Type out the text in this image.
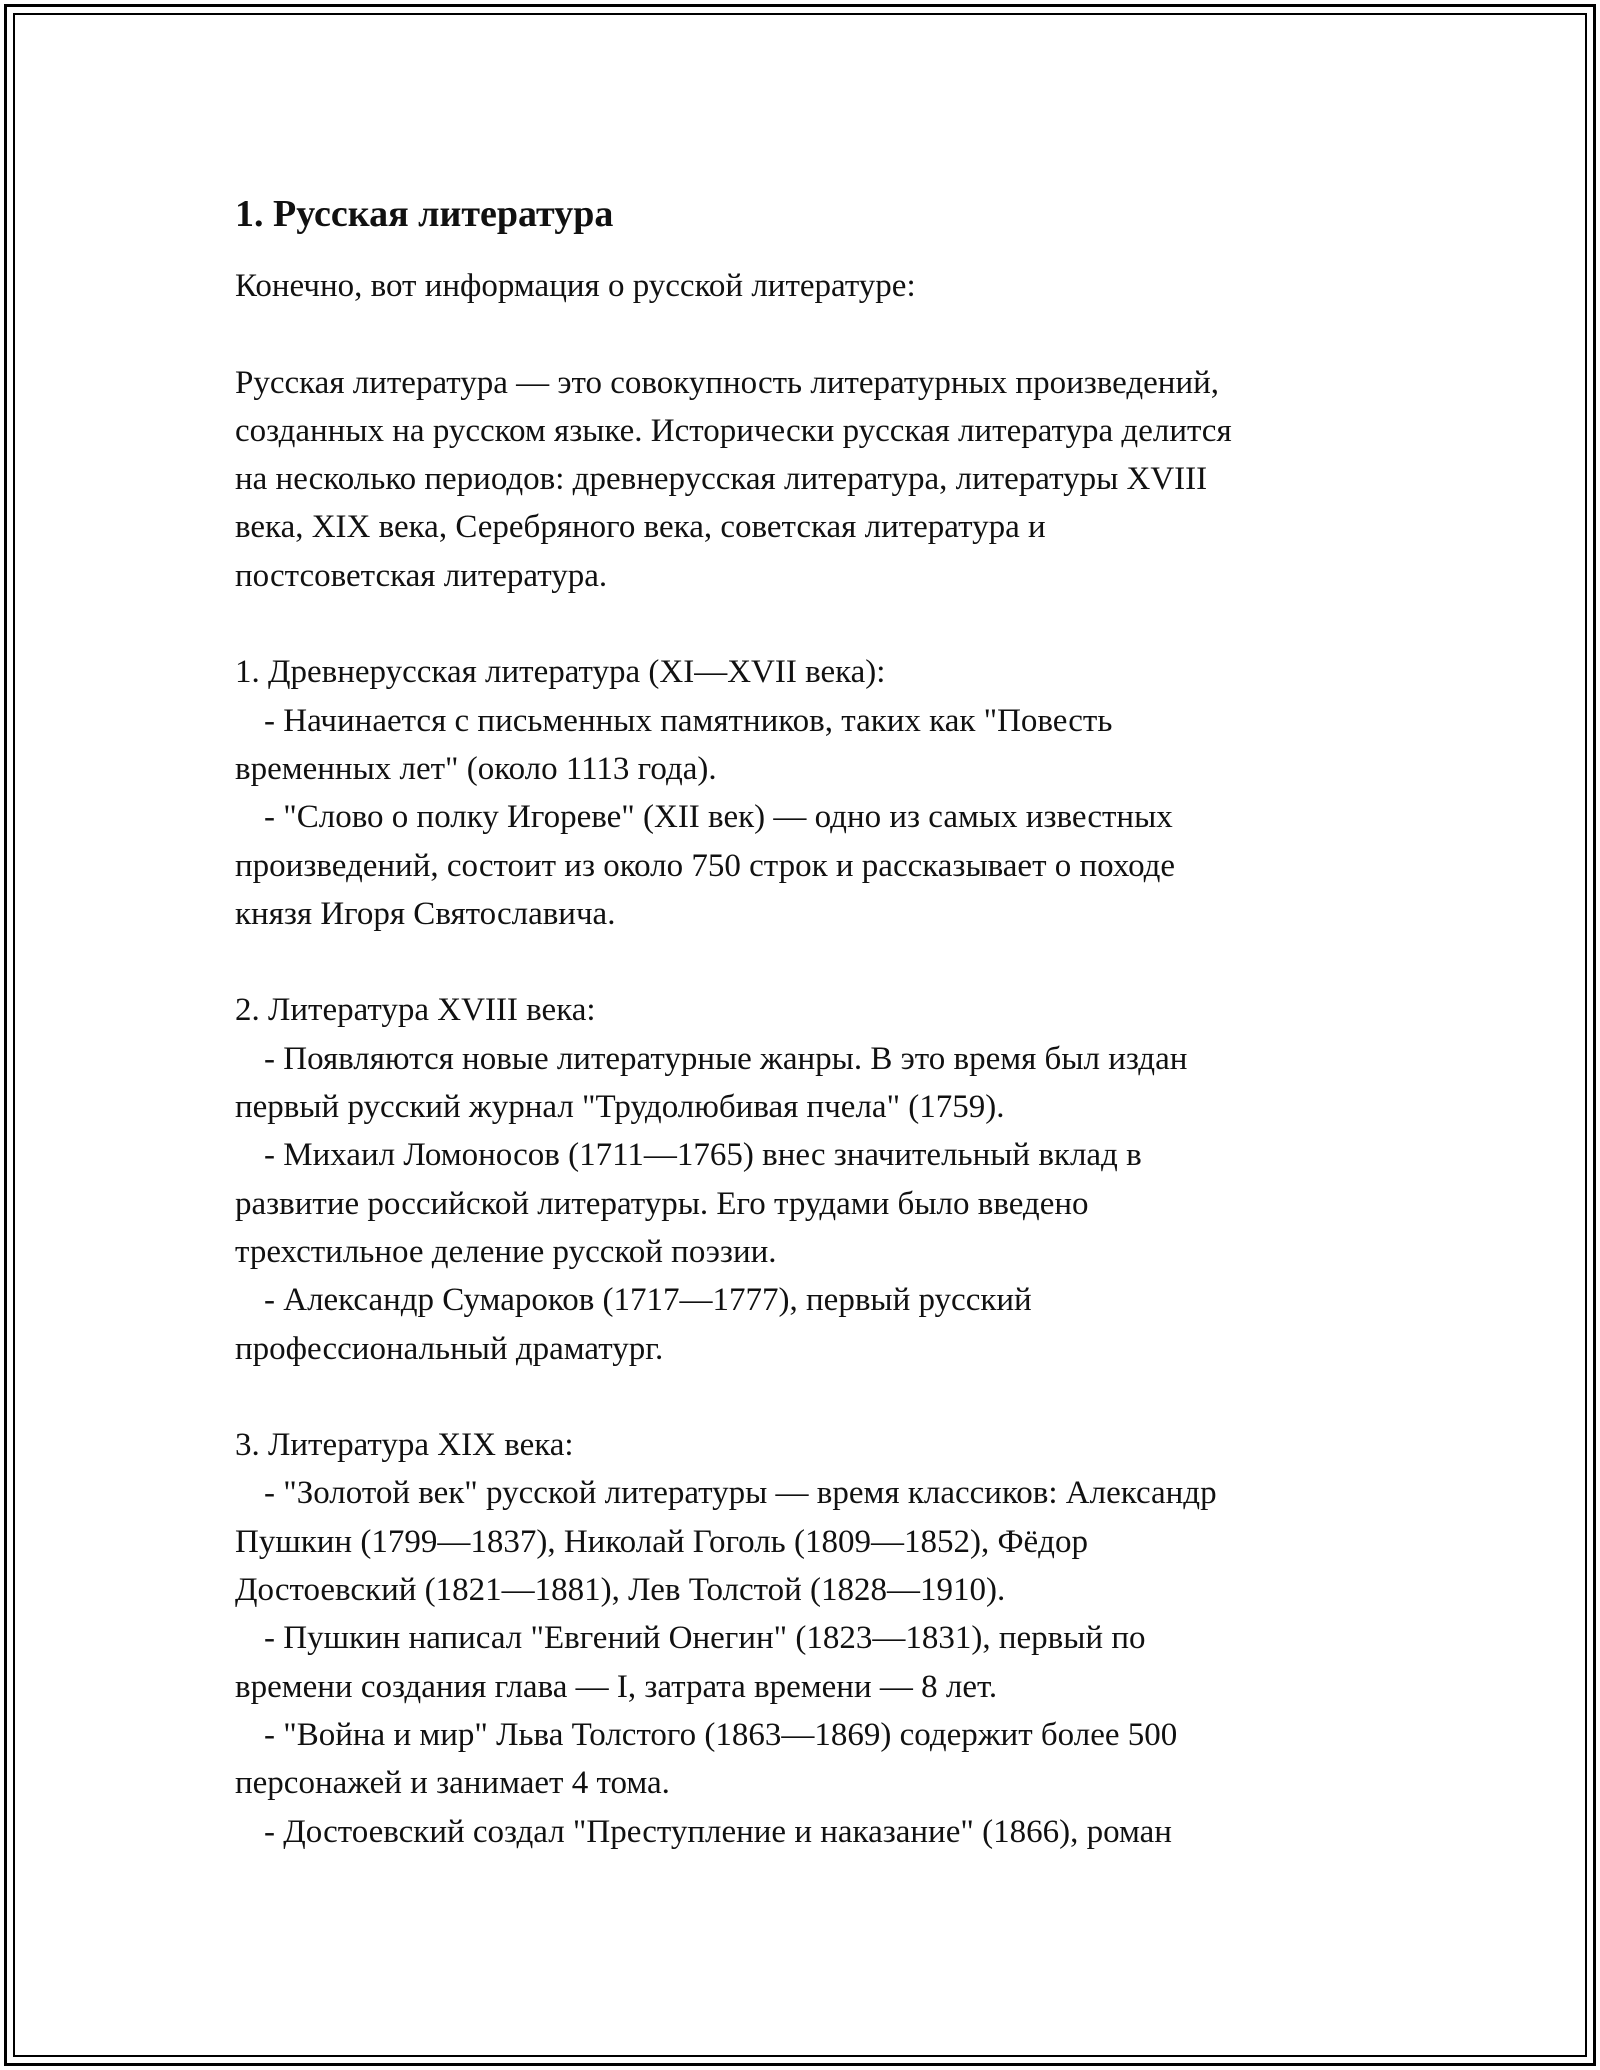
1. Русская литература
Конечно, вот информация о русской литературе:
Русская литература — это совокупность литературных произведений,
созданных на русском языке. Исторически русская литература делится
на несколько периодов: древнерусская литература, литературы XVIII
века, XIX века, Серебряного века, советская литература и
постсоветская литература.
1. Древнерусская литература (XI—XVII века):
- Начинается с письменных памятников, таких как "Повесть
временных лет" (около 1113 года).
- "Слово о полку Игореве" (XII век) — одно из самых известных
произведений, состоит из около 750 строк и рассказывает о походе
князя Игоря Святославича.
2. Литература XVIII века:
- Появляются новые литературные жанры. В это время был издан
первый русский журнал "Трудолюбивая пчела" (1759).
- Михаил Ломоносов (1711—1765) внес значительный вклад в
развитие российской литературы. Его трудами было введено
трехстильное деление русской поэзии.
- Александр Сумароков (1717—1777), первый русский
профессиональный драматург.
3. Литература XIX века:
- "Золотой век" русской литературы — время классиков: Александр
Пушкин (1799—1837), Николай Гоголь (1809—1852), Фёдор
Достоевский (1821—1881), Лев Толстой (1828—1910).
- Пушкин написал "Евгений Онегин" (1823—1831), первый по
времени создания глава — I, затрата времени — 8 лет.
- "Война и мир" Льва Толстого (1863—1869) содержит более 500
персонажей и занимает 4 тома.
- Достоевский создал "Преступление и наказание" (1866), роман
